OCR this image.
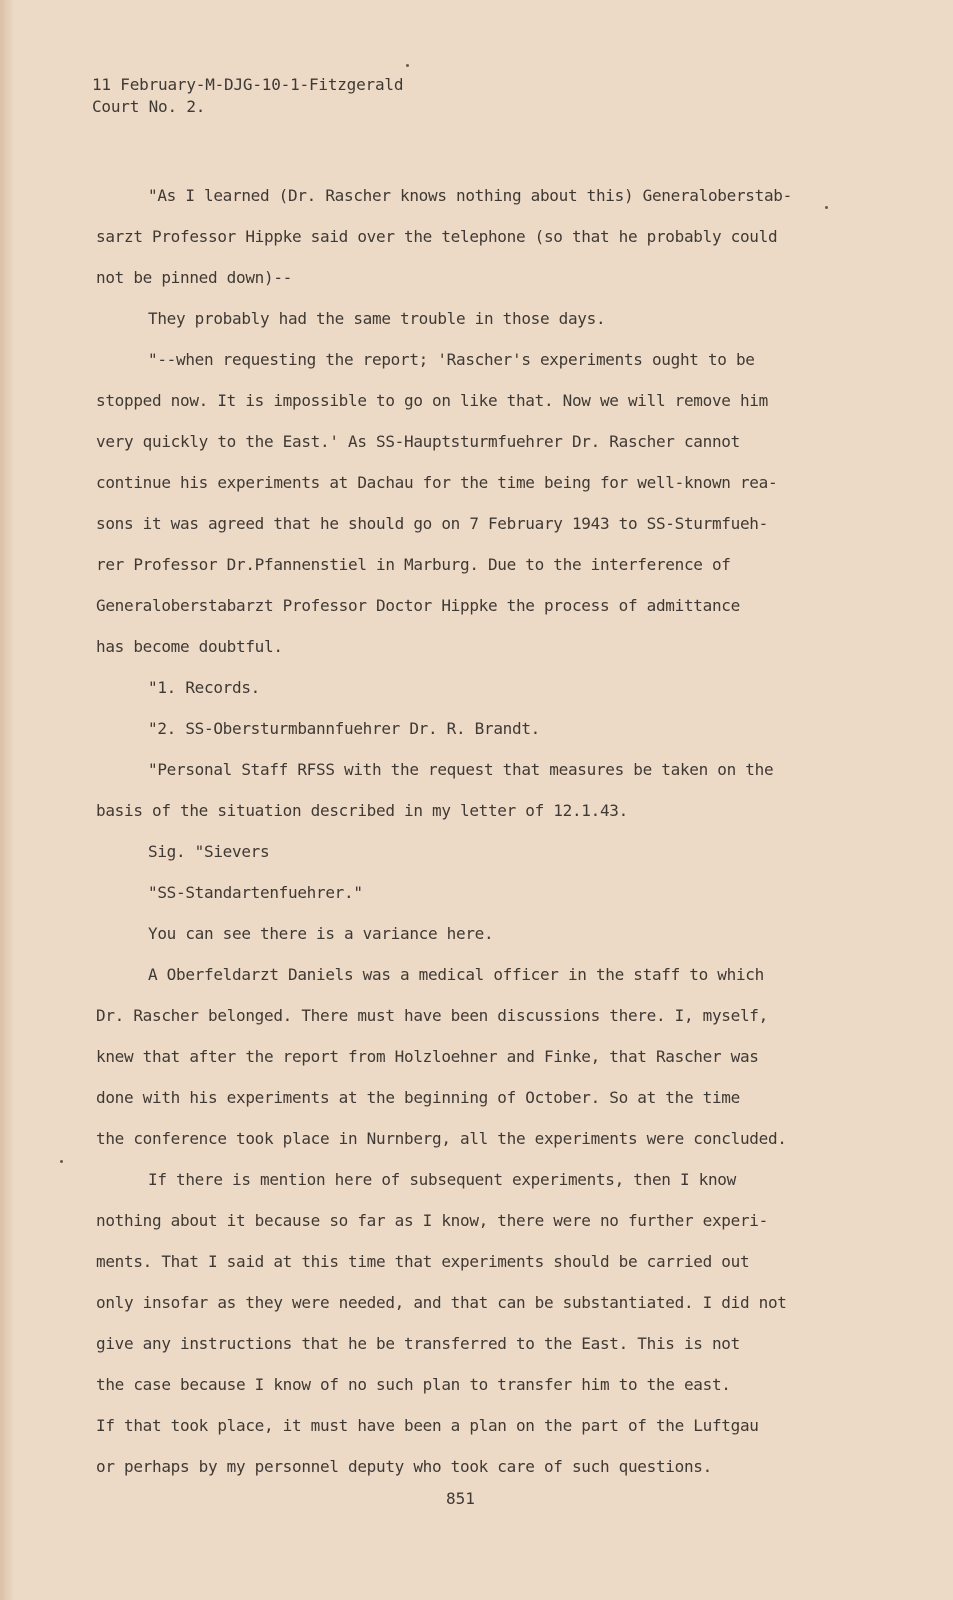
11 February-M-DJG-10-1-Fitzgerald
Court No. 2.
"As I learned (Dr. Rascher knows nothing about this) Generaloberstab-
sarzt Professor Hippke said over the telephone (so that he probably could
not be pinned down)--
They probably had the same trouble in those days.
"--when requesting the report; 'Rascher's experiments ought to be
stopped now. It is impossible to go on like that. Now we will remove him
very quickly to the East.' As SS-Hauptsturmfuehrer Dr. Rascher cannot
continue his experiments at Dachau for the time being for well-known rea-
sons it was agreed that he should go on 7 February 1943 to SS-Sturmfueh-
rer Professor Dr.Pfannenstiel in Marburg. Due to the interference of
Generaloberstabarzt Professor Doctor Hippke the process of admittance
has become doubtful.
"1. Records.
"2. SS-Obersturmbannfuehrer Dr. R. Brandt.
"Personal Staff RFSS with the request that measures be taken on the
basis of the situation described in my letter of 12.1.43.
Sig. "Sievers
"SS-Standartenfuehrer."
You can see there is a variance here.
A Oberfeldarzt Daniels was a medical officer in the staff to which
Dr. Rascher belonged. There must have been discussions there. I, myself,
knew that after the report from Holzloehner and Finke, that Rascher was
done with his experiments at the beginning of October. So at the time
the conference took place in Nurnberg, all the experiments were concluded.
If there is mention here of subsequent experiments, then I know
nothing about it because so far as I know, there were no further experi-
ments. That I said at this time that experiments should be carried out
only insofar as they were needed, and that can be substantiated. I did not
give any instructions that he be transferred to the East. This is not
the case because I know of no such plan to transfer him to the east.
If that took place, it must have been a plan on the part of the Luftgau
or perhaps by my personnel deputy who took care of such questions.
851
